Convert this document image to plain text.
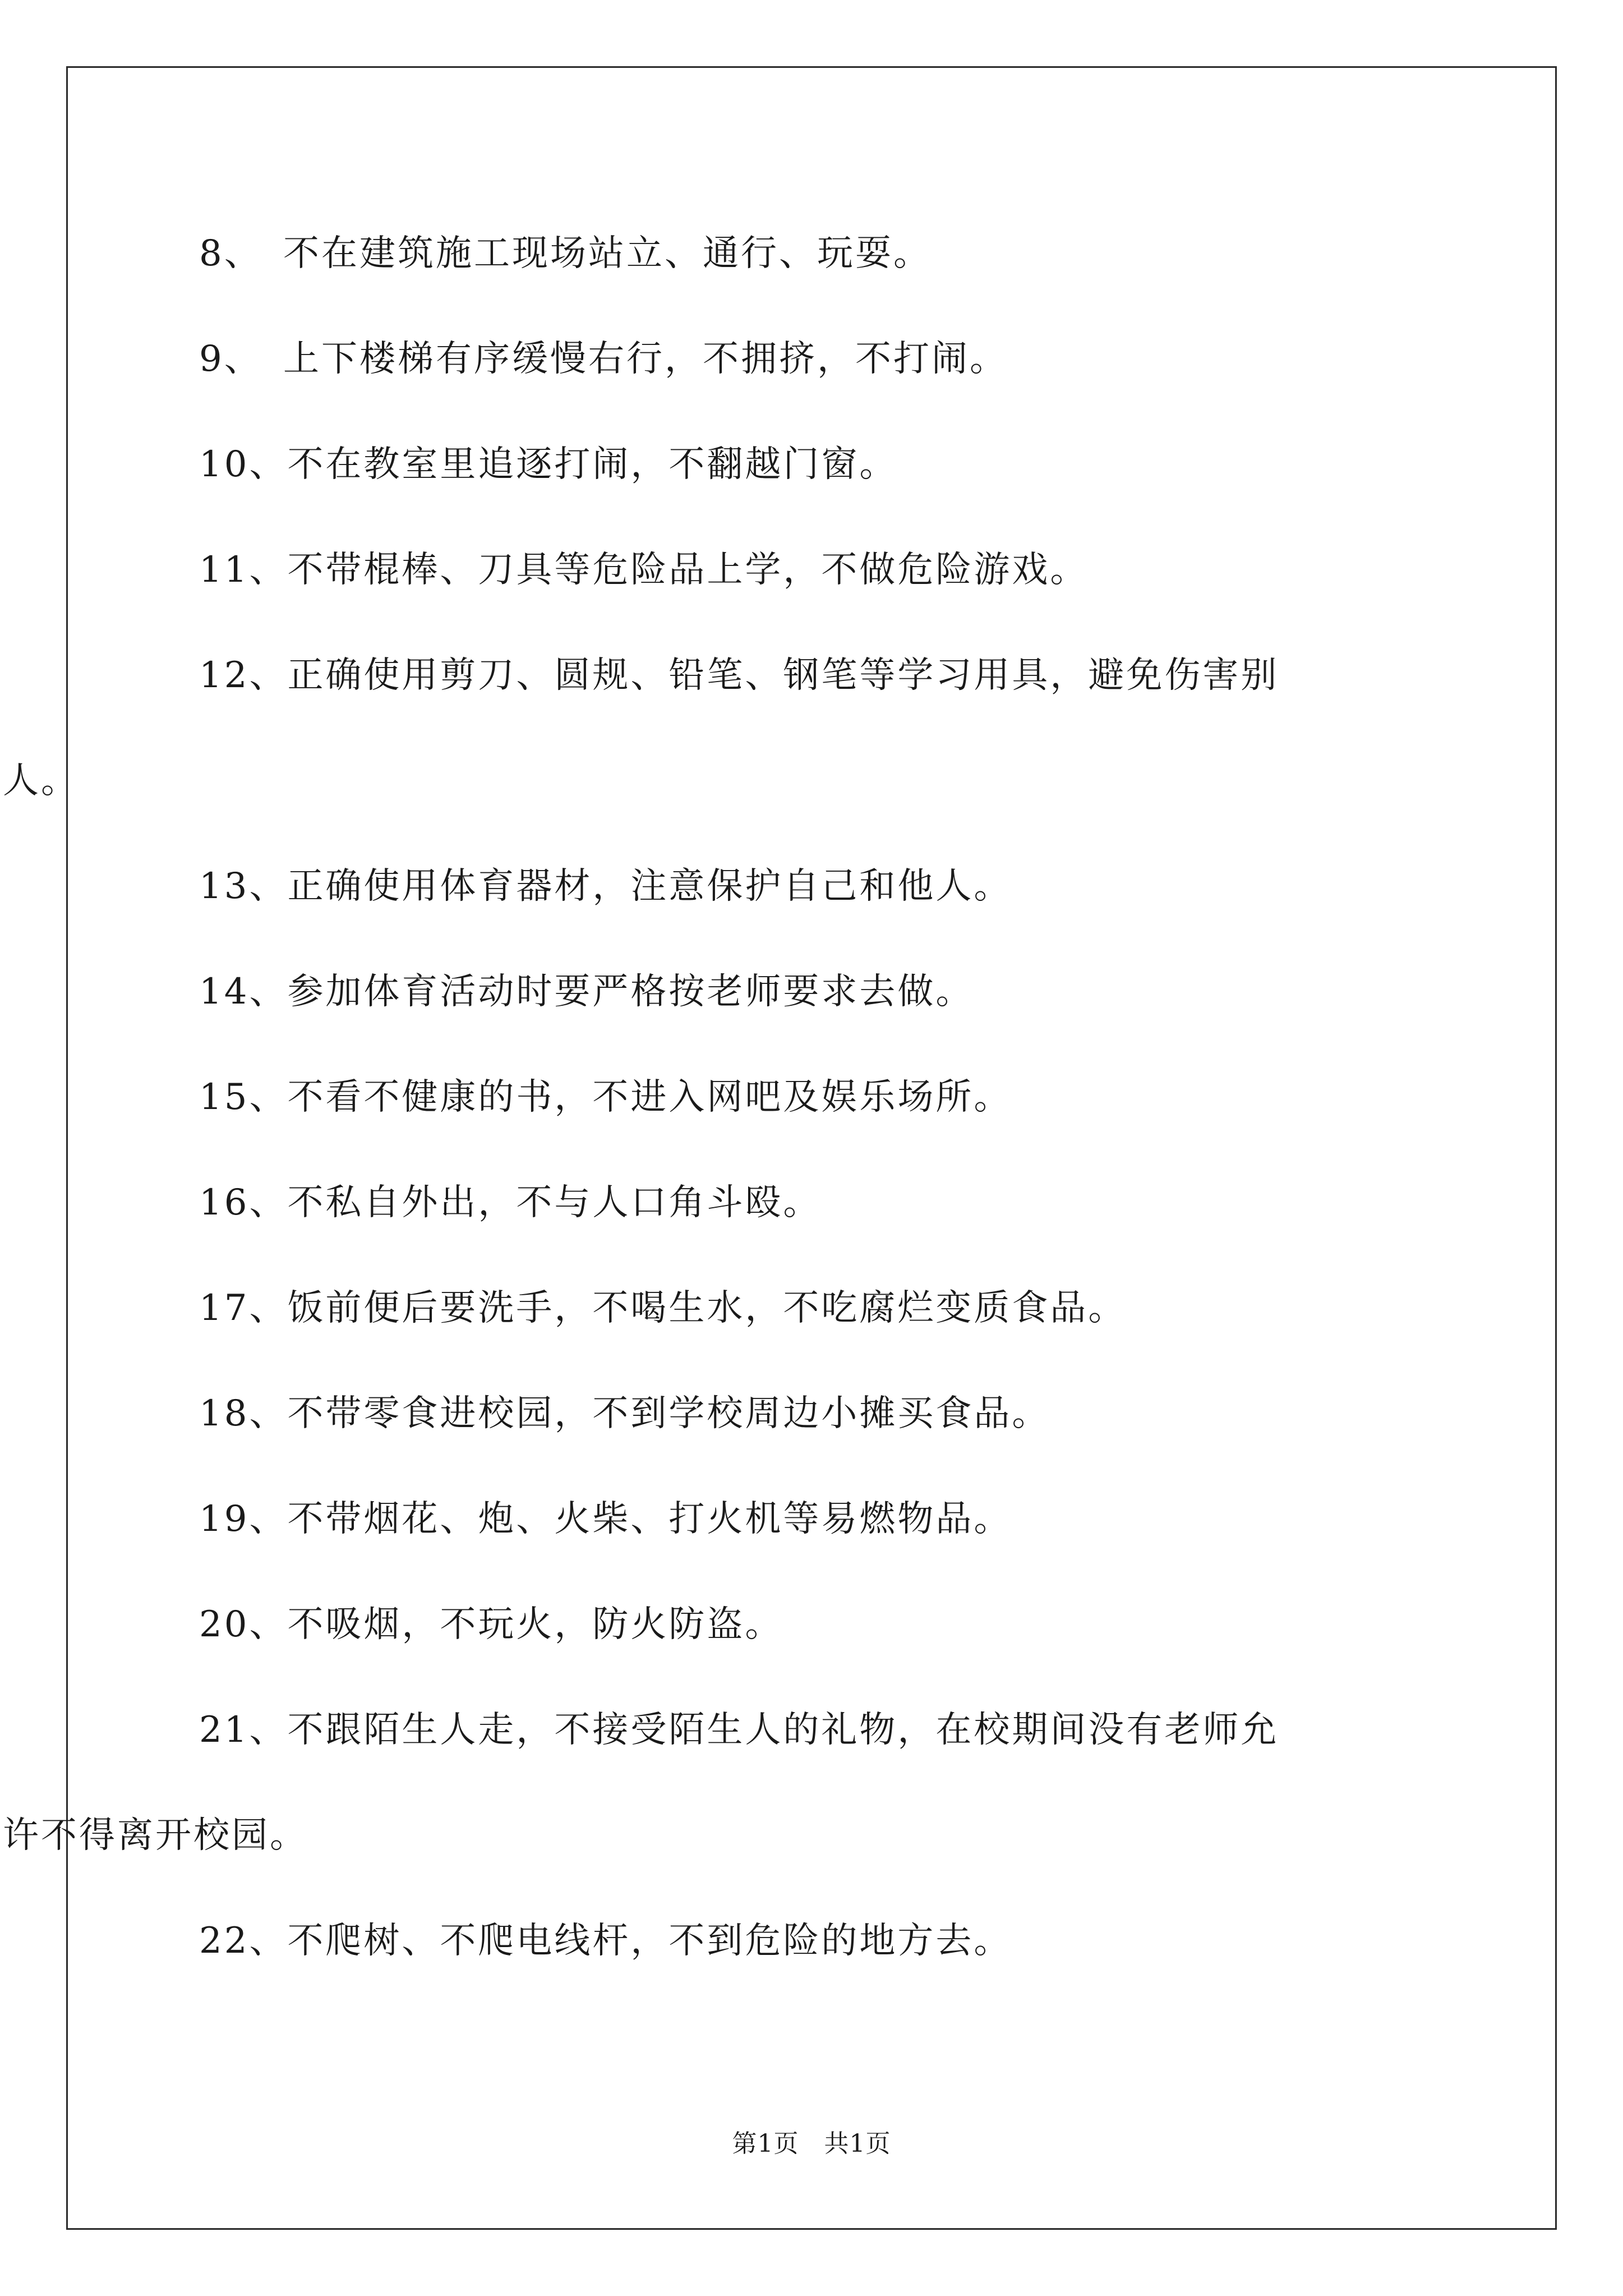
8、 不在建筑施工现场站立、通行、玩耍。
9、 上下楼梯有序缓慢右行，不拥挤，不打闹。
10、不在教室里追逐打闹，不翻越门窗。
11、不带棍棒、刀具等危险品上学，不做危险游戏。
12、正确使用剪刀、圆规、铅笔、钢笔等学习用具，避免伤害别
人。
13、正确使用体育器材，注意保护自己和他人。
14、参加体育活动时要严格按老师要求去做。
15、不看不健康的书，不进入网吧及娱乐场所。
16、不私自外出，不与人口角斗殴。
17、饭前便后要洗手，不喝生水，不吃腐烂变质食品。
18、不带零食进校园，不到学校周边小摊买食品。
19、不带烟花、炮、火柴、打火机等易燃物品。
20、不吸烟，不玩火，防火防盗。
21、不跟陌生人走，不接受陌生人的礼物，在校期间没有老师允
许不得离开校园。
22、不爬树、不爬电线杆，不到危险的地方去。
第1页　共1页
